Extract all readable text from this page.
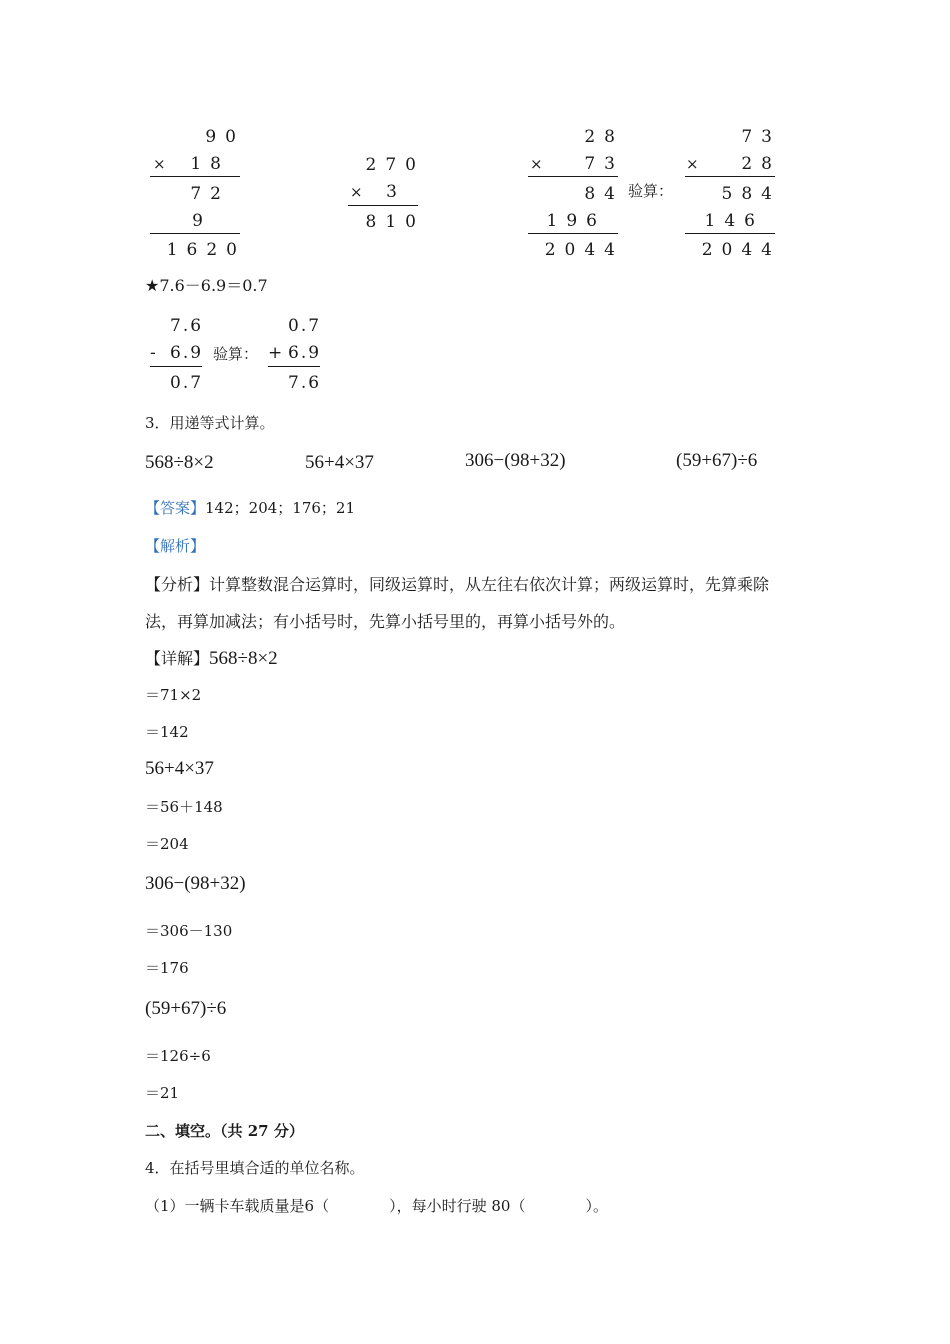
90
×	18
72
9
1620
270
×	3
810
28
×	73
84
196
2044
验算：
73
×	28
584
146
2044
★7.6－6.9＝0.7
7.6
- 6.9
0.7
验算：
0.7
+ 6.9
7.6
3．用递等式计算。
568÷8×2	56+4×37	306−(98+32)	(59+67)÷6
【答案】142；204；176；21
【解析】
【分析】计算整数混合运算时，同级运算时，从左往右依次计算；两级运算时，先算乘除
法，再算加减法；有小括号时，先算小括号里的，再算小括号外的。
【详解】568÷8×2
＝71×2
＝142
56+4×37
＝56＋148
＝204
306−(98+32)
＝306－130
＝176
(59+67)÷6
＝126÷6
＝21
二、填空。（共 27 分）
4．在括号里填合适的单位名称。
（1）一辆卡车载质量是6（　　　　），每小时行驶 80（　　　　）。
